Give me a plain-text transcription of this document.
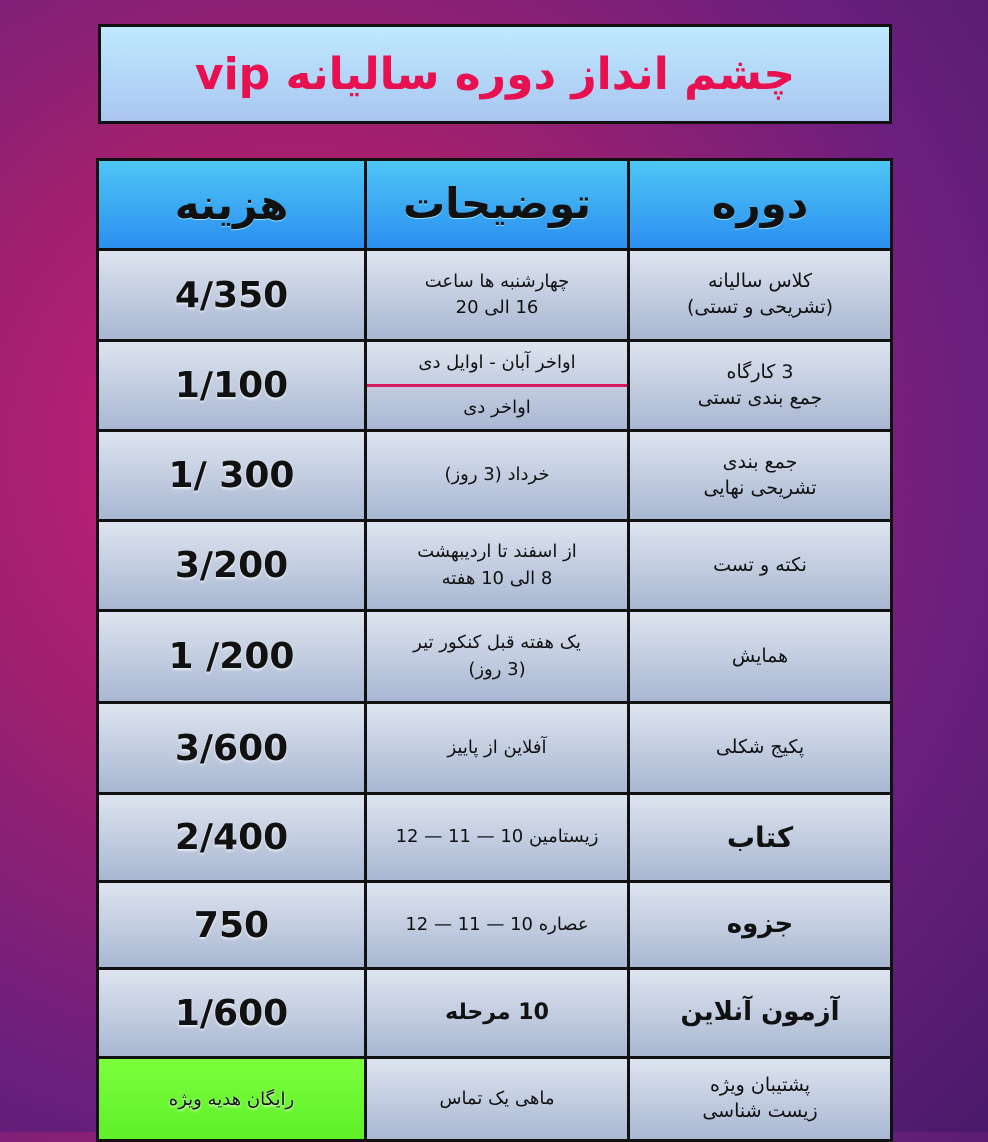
چشم انداز دوره سالیانه vip
دوره
توضیحات
هزینه
کلاس سالیانه
(تشریحی و تستی)
چهارشنبه ها ساعت
16 الی 20
4/350
3 کارگاه
جمع بندی تستی
اواخر آبان - اوایل دی
اواخر دی
1/100
جمع بندی
تشریحی نهایی
خرداد (3 روز)
1/ 300
نکته و تست
از اسفند تا اردیبهشت
8 الی 10 هفته
3/200
همایش
یک هفته قبل کنکور تیر
(3 روز)
1 /200
پکیج شکلی
آفلاین از پاییز
3/600
کتاب
زیستامین 10 — 11 — 12
2/400
جزوه
عصاره 10 — 11 — 12
750
آزمون آنلاین
10 مرحله
1/600
پشتیبان ویژه
زیست شناسی
ماهی یک تماس
رایگان هدیه ویژه
